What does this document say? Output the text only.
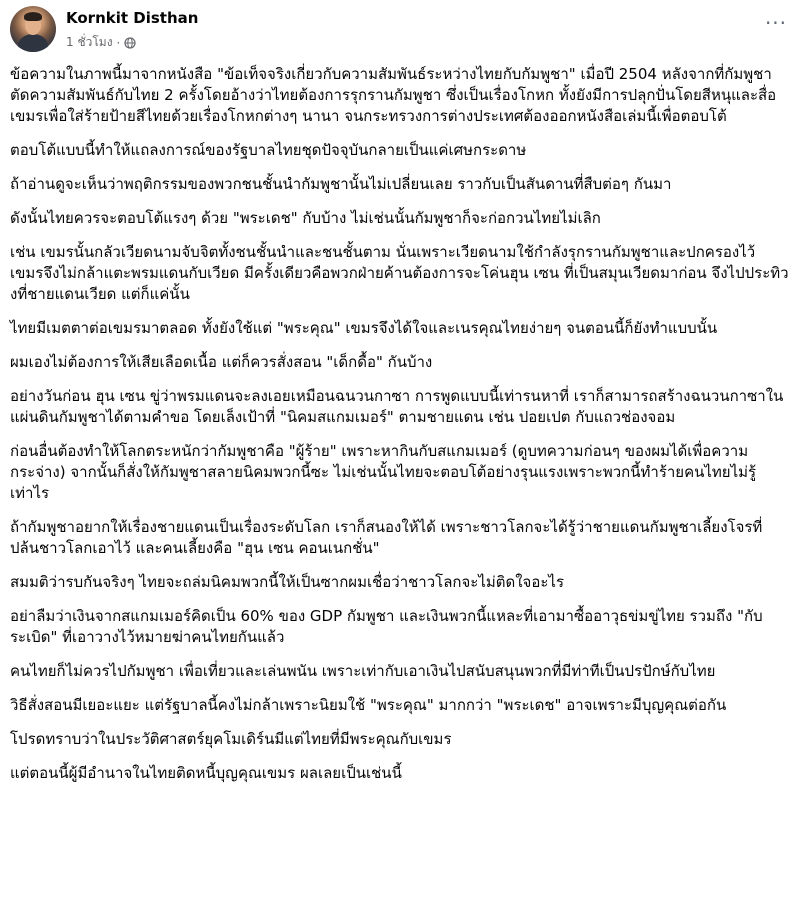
Kornkit Disthan
1 ชั่วโมง ·
···

ข้อความในภาพนี้มาจากหนังสือ "ข้อเท็จจริงเกี่ยวกับความสัมพันธ์ระหว่างไทยกับกัมพูชา" เมื่อปี 2504 หลังจากที่กัมพูชาตัดความสัมพันธ์กับไทย 2 ครั้งโดยอ้างว่าไทยต้องการรุกรานกัมพูชา ซึ่งเป็นเรื่องโกหก ทั้งยังมีการปลุกปั่นโดยสีหนุและสื่อเขมรเพื่อใส่ร้ายป้ายสีไทยด้วยเรื่องโกหกต่างๆ นานา จนกระทรวงการต่างประเทศต้องออกหนังสือเล่มนี้เพื่อตอบโต้

ตอบโต้แบบนี้ทำให้แถลงการณ์ของรัฐบาลไทยชุดปัจจุบันกลายเป็นแค่เศษกระดาษ

ถ้าอ่านดูจะเห็นว่าพฤติกรรมของพวกชนชั้นนำกัมพูชานั้นไม่เปลี่ยนเลย ราวกับเป็นสันดานที่สืบต่อๆ กันมา

ดังนั้นไทยควรจะตอบโต้แรงๆ ด้วย "พระเดช" กับบ้าง ไม่เช่นนั้นกัมพูชาก็จะก่อกวนไทยไม่เลิก

เช่น เขมรนั้นกลัวเวียดนามจับจิตทั้งชนชั้นนำและชนชั้นตาม นั่นเพราะเวียดนามใช้กำลังรุกรานกัมพูชาและปกครองไว้ เขมรจึงไม่กล้าแตะพรมแดนกับเวียด มีครั้งเดียวคือพวกฝ่ายค้านต้องการจะโค่นฮุน เซน ที่เป็นสมุนเวียดมาก่อน จึงไปประทิวงที่ชายแดนเวียด แต่ก็แค่นั้น

ไทยมีเมตตาต่อเขมรมาตลอด ทั้งยังใช้แต่ "พระคุณ" เขมรจึงได้ใจและเนรคุณไทยง่ายๆ จนตอนนี้ก็ยังทำแบบนั้น

ผมเองไม่ต้องการให้เสียเลือดเนื้อ แต่ก็ควรสั่งสอน "เด็กดื้อ" กันบ้าง

อย่างวันก่อน ฮุน เซน ขู่ว่าพรมแดนจะลงเอยเหมือนฉนวนกาซา การพูดแบบนี้เท่ารนหาที่ เราก็สามารถสร้างฉนวนกาซาในแผ่นดินกัมพูชาได้ตามคำขอ โดยเล็งเป้าที่ "นิคมสแกมเมอร์" ตามชายแดน เช่น ปอยเปต กับแถวช่องจอม

ก่อนอื่นต้องทำให้โลกตระหนักว่ากัมพูชาคือ "ผู้ร้าย" เพราะหากินกับสแกมเมอร์ (ดูบทความก่อนๆ ของผมได้เพื่อความกระจ่าง) จากนั้นก็สั่งให้กัมพูชาสลายนิคมพวกนี้ซะ ไม่เช่นนั้นไทยจะตอบโต้อย่างรุนแรงเพราะพวกนี้ทำร้ายคนไทยไม่รู้เท่าไร

ถ้ากัมพูชาอยากให้เรื่องชายแดนเป็นเรื่องระดับโลก เราก็สนองให้ได้ เพราะชาวโลกจะได้รู้ว่าชายแดนกัมพูชาเลี้ยงโจรที่ปล้นชาวโลกเอาไว้ และคนเลี้ยงคือ "ฮุน เซน คอนเนกชั่น"

สมมติว่ารบกันจริงๆ ไทยจะถล่มนิคมพวกนี้ให้เป็นซากผมเชื่อว่าชาวโลกจะไม่ติดใจอะไร

อย่าลืมว่าเงินจากสแกมเมอร์คิดเป็น 60% ของ GDP กัมพูชา และเงินพวกนี้แหละที่เอามาซื้ออาวุธข่มขู่ไทย รวมถึง "กับระเบิด" ที่เอาวางไว้หมายฆ่าคนไทยกันแล้ว

คนไทยก็ไม่ควรไปกัมพูชา เพื่อเที่ยวและเล่นพนัน เพราะเท่ากับเอาเงินไปสนับสนุนพวกที่มีท่าทีเป็นปรปักษ์กับไทย

วิธีสั่งสอนมีเยอะแยะ แต่รัฐบาลนี้คงไม่กล้าเพราะนิยมใช้ "พระคุณ" มากกว่า "พระเดช" อาจเพราะมีบุญคุณต่อกัน

โปรดทราบว่าในประวัติศาสตร์ยุคโมเดิร์นมีแต่ไทยที่มีพระคุณกับเขมร

แต่ตอนนี้ผู้มีอำนาจในไทยติดหนี้บุญคุณเขมร ผลเลยเป็นเช่นนี้
